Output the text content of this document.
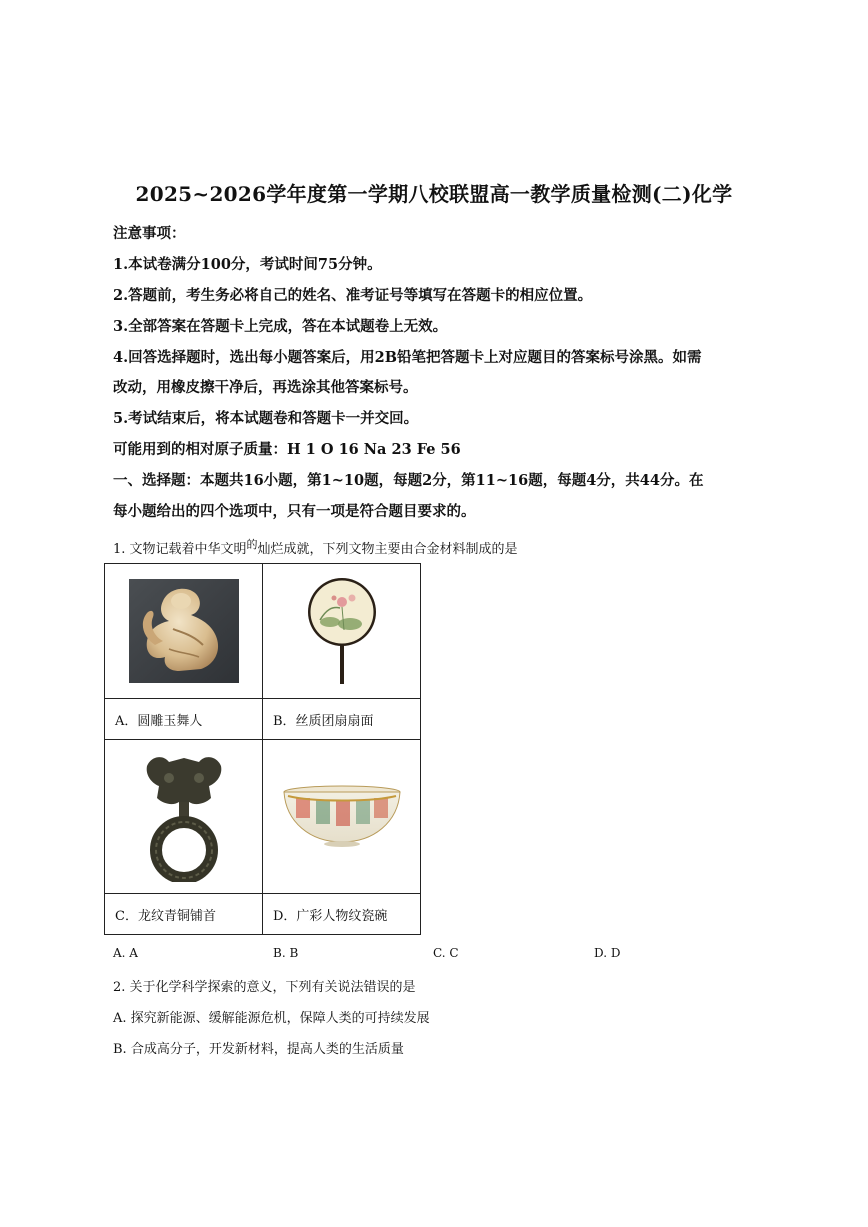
2025~2026学年度第一学期八校联盟高一教学质量检测(二)化学
注意事项：
1.本试卷满分100分，考试时间75分钟。
2.答题前，考生务必将自己的姓名、准考证号等填写在答题卡的相应位置。
3.全部答案在答题卡上完成，答在本试题卷上无效。
4.回答选择题时，选出每小题答案后，用2B铅笔把答题卡上对应题目的答案标号涂黑。如需
改动，用橡皮擦干净后，再选涂其他答案标号。
5.考试结束后，将本试题卷和答题卡一并交回。
可能用到的相对原子质量：H 1 O 16 Na 23 Fe 56
一、选择题：本题共16小题，第1~10题，每题2分，第11~16题，每题4分，共44分。在
每小题给出的四个选项中，只有一项是符合题目要求的。
1. 文物记载着中华文明$^的$灿烂成就，下列文物主要由合金材料制成的是

A．圆雕玉舞人	B．丝质团扇扇面

C．龙纹青铜铺首	D．广彩人物纹瓷碗
A. A	B. B	C. C	D. D
2. 关于化学科学探索的意义，下列有关说法错误的是
A. 探究新能源、缓解能源危机，保障人类的可持续发展
B. 合成高分子，开发新材料，提高人类的生活质量
